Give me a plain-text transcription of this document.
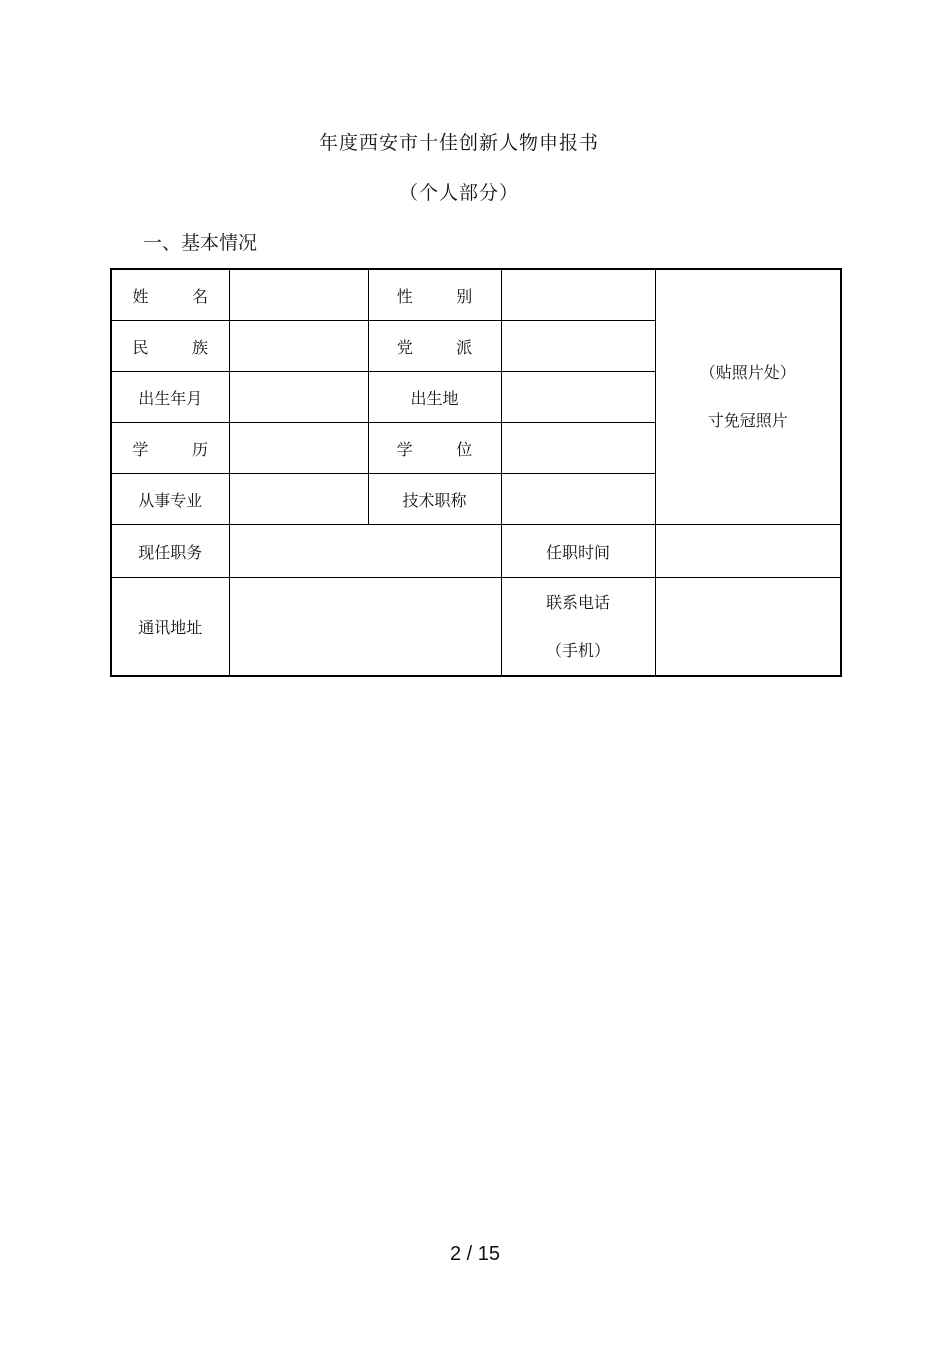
年度西安市十佳创新人物申报书
（个人部分）
一、基本情况
姓 名		性 别		（贴照片处）
寸免冠照片

民 族		党 派		
出生年月		出生地		
学 历		学 位		
从事专业		技术职称		
现任职务			任职时间	
通讯地址			联系电话
（手机）	

2 / 15
